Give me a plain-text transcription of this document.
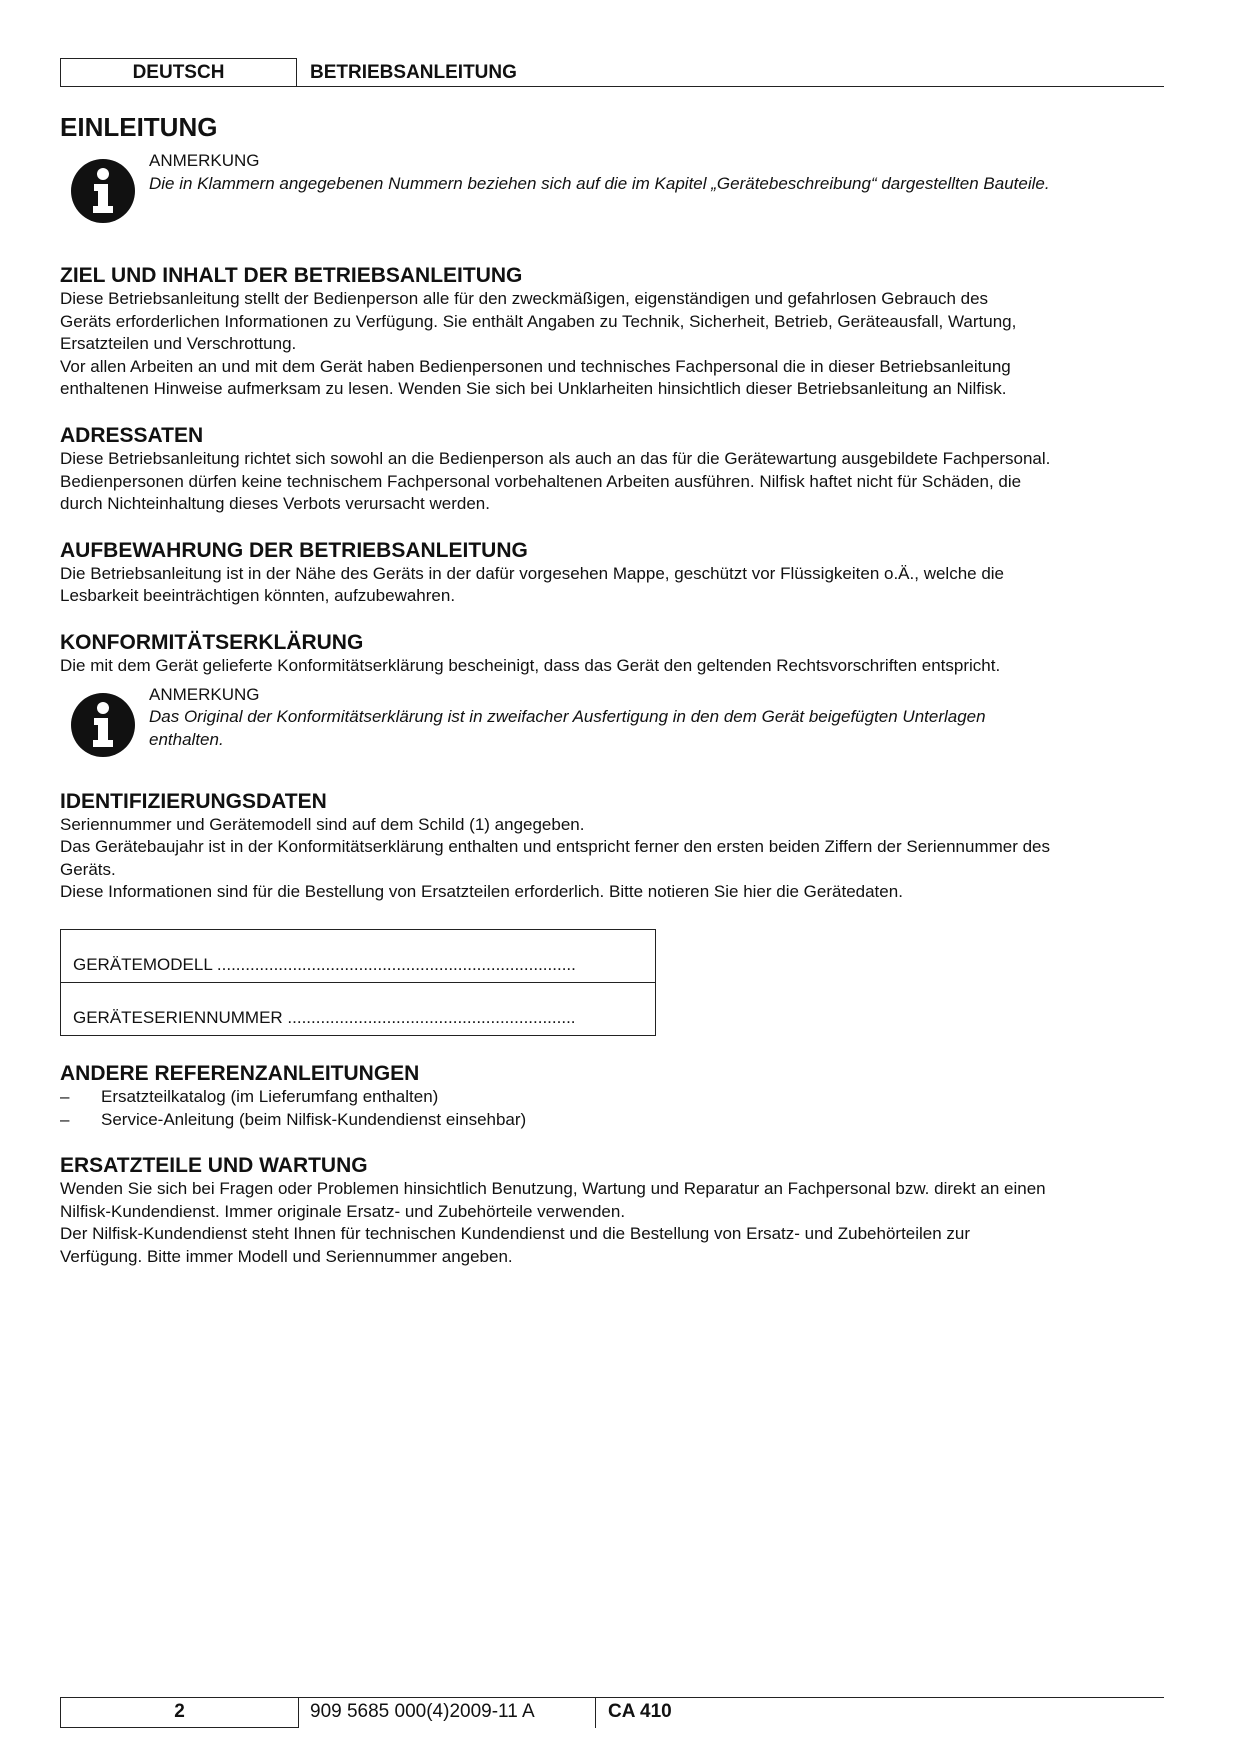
DEUTSCH	BETRIEBSANLEITUNG
EINLEITUNG
ANMERKUNG
Die in Klammern angegebenen Nummern beziehen sich auf die im Kapitel „Gerätebeschreibung“ dargestellten Bauteile.
ZIEL UND INHALT DER BETRIEBSANLEITUNG

Diese Betriebsanleitung stellt der Bedienperson alle für den zweckmäßigen, eigenständigen und gefahrlosen Gebrauch des

Geräts erforderlichen Informationen zu Verfügung. Sie enthält Angaben zu Technik, Sicherheit, Betrieb, Geräteausfall, Wartung,

Ersatzteilen und Verschrottung.

Vor allen Arbeiten an und mit dem Gerät haben Bedienpersonen und technisches Fachpersonal die in dieser Betriebsanleitung

enthaltenen Hinweise aufmerksam zu lesen. Wenden Sie sich bei Unklarheiten hinsichtlich dieser Betriebsanleitung an Nilfisk.

ADRESSATEN

Diese Betriebsanleitung richtet sich sowohl an die Bedienperson als auch an das für die Gerätewartung ausgebildete Fachpersonal.

Bedienpersonen dürfen keine technischem Fachpersonal vorbehaltenen Arbeiten ausführen. Nilfisk haftet nicht für Schäden, die

durch Nichteinhaltung dieses Verbots verursacht werden.

AUFBEWAHRUNG DER BETRIEBSANLEITUNG

Die Betriebsanleitung ist in der Nähe des Geräts in der dafür vorgesehen Mappe, geschützt vor Flüssigkeiten o.Ä., welche die

Lesbarkeit beeinträchtigen könnten, aufzubewahren.

KONFORMITÄTSERKLÄRUNG

Die mit dem Gerät gelieferte Konformitätserklärung bescheinigt, dass das Gerät den geltenden Rechtsvorschriften entspricht.

ANMERKUNG
Das Original der Konformitätserklärung ist in zweifacher Ausfertigung in den dem Gerät beigefügten Unterlagen
enthalten.
IDENTIFIZIERUNGSDATEN

Seriennummer und Gerätemodell sind auf dem Schild (1) angegeben.

Das Gerätebaujahr ist in der Konformitätserklärung enthalten und entspricht ferner den ersten beiden Ziffern der Seriennummer des

Geräts.

Diese Informationen sind für die Bestellung von Ersatzteilen erforderlich. Bitte notieren Sie hier die Gerätedaten.

GERÄTEMODELL ............................................................................
GERÄTESERIENNUMMER .............................................................
ANDERE REFERENZANLEITUNGEN
– Ersatzteilkatalog (im Lieferumfang enthalten)
– Service-Anleitung (beim Nilfisk-Kundendienst einsehbar)
ERSATZTEILE UND WARTUNG

Wenden Sie sich bei Fragen oder Problemen hinsichtlich Benutzung, Wartung und Reparatur an Fachpersonal bzw. direkt an einen

Nilfisk-Kundendienst. Immer originale Ersatz- und Zubehörteile verwenden.

Der Nilfisk-Kundendienst steht Ihnen für technischen Kundendienst und die Bestellung von Ersatz- und Zubehörteilen zur

Verfügung. Bitte immer Modell und Seriennummer angeben.

2	909 5685 000(4)2009-11 A	CA 410
